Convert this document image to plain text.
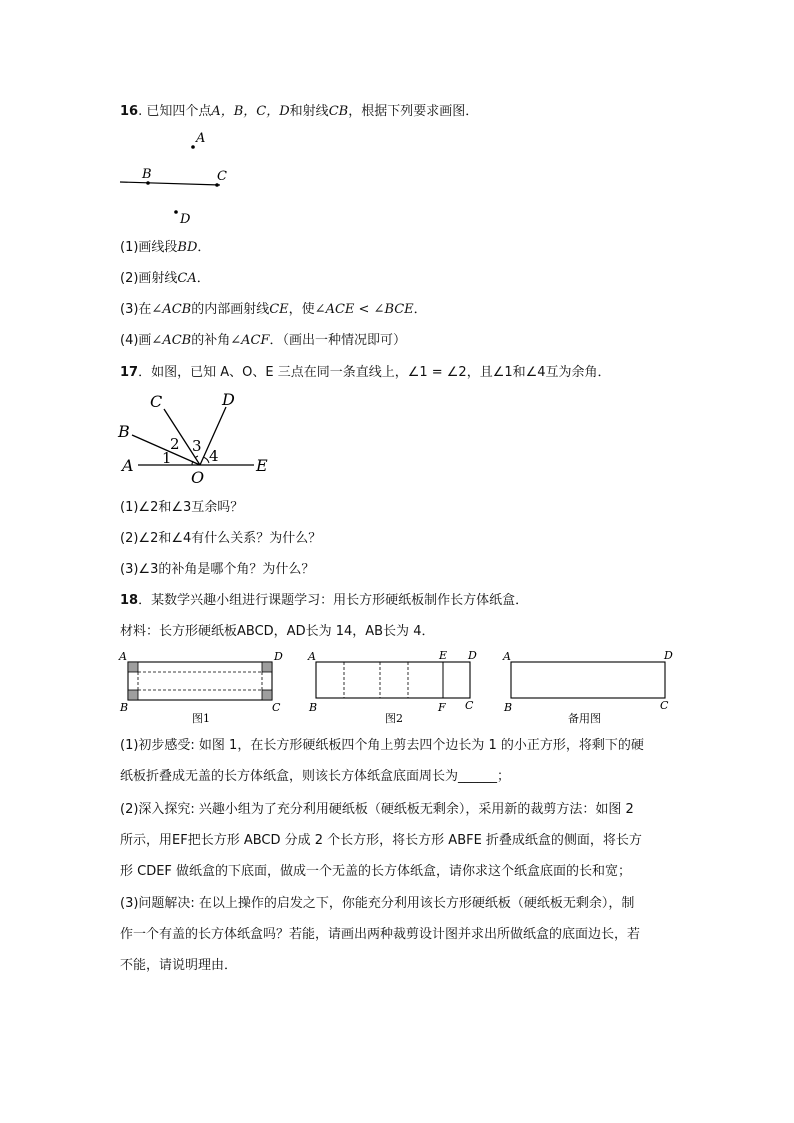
16. 已知四个点A，B，C，D和射线CB，根据下列要求画图．
A
B	C
D
(1)画线段BD．
(2)画射线CA．
(3)在∠ACB的内部画射线CE，使∠ACE < ∠BCE．
(4)画∠ACB的补角∠ACF．（画出一种情况即可）
17．如图，已知 A、O、E 三点在同一条直线上，∠1 = ∠2，且∠1和∠4互为余角．
A
B
C	D
E
O
1
2 3
4
(1)∠2和∠3互余吗？
(2)∠2和∠4有什么关系？为什么？
(3)∠3的补角是哪个角？为什么？
18．某数学兴趣小组进行课题学习：用长方形硬纸板制作长方体纸盒．
材料：长方形硬纸板ABCD，AD长为 14，AB长为 4．
A	D
B	C
图1
A	E D
B	F C
图2
A	D
B	C
备用图
(1)初步感受: 如图 1，在长方形硬纸板四个角上剪去四个边长为 1 的小正方形，将剩下的硬
纸板折叠成无盖的长方体纸盒，则该长方体纸盒底面周长为______；
(2)深入探究: 兴趣小组为了充分利用硬纸板（硬纸板无剩余），采用新的裁剪方法：如图 2
所示，用EF把长方形 ABCD 分成 2 个长方形，将长方形 ABFE 折叠成纸盒的侧面，将长方
形 CDEF 做纸盒的下底面，做成一个无盖的长方体纸盒，请你求这个纸盒底面的长和宽；
(3)问题解决: 在以上操作的启发之下，你能充分利用该长方形硬纸板（硬纸板无剩余），制
作一个有盖的长方体纸盒吗？若能，请画出两种裁剪设计图并求出所做纸盒的底面边长，若
不能，请说明理由．
